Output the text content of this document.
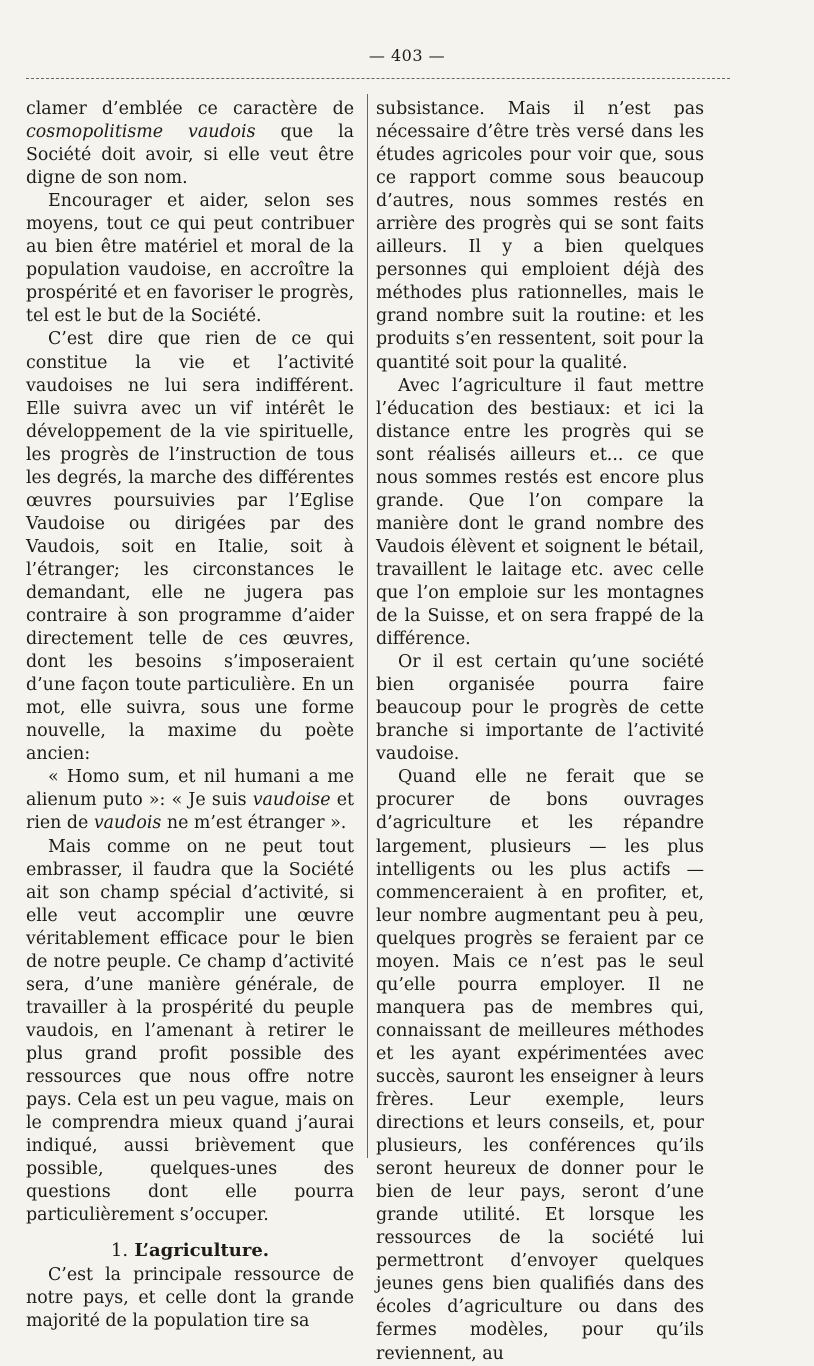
— 403 —

clamer d’emblée ce caractère de cosmopolitisme vaudois que la Société doit avoir, si elle veut être digne de son nom.

Encourager et aider, selon ses moyens, tout ce qui peut contribuer au bien être matériel et moral de la population vaudoise, en accroître la prospérité et en favoriser le progrès, tel est le but de la Société.

C’est dire que rien de ce qui constitue la vie et l’activité vaudoises ne lui sera indifférent. Elle suivra avec un vif intérêt le développement de la vie spirituelle, les progrès de l’instruction de tous les degrés, la marche des différentes œuvres poursuivies par l’Eglise Vaudoise ou dirigées par des Vaudois, soit en Italie, soit à l’étranger; les circonstances le demandant, elle ne jugera pas contraire à son programme d’aider directement telle de ces œuvres, dont les besoins s’imposeraient d’une façon toute particulière. En un mot, elle suivra, sous une forme nouvelle, la maxime du poète ancien:

« Homo sum, et nil humani a me alienum puto »: « Je suis vaudoise et rien de vaudois ne m’est étranger ».

Mais comme on ne peut tout embrasser, il faudra que la Société ait son champ spécial d’activité, si elle veut accomplir une œuvre véritablement efficace pour le bien de notre peuple. Ce champ d’activité sera, d’une manière générale, de travailler à la prospérité du peuple vaudois, en l’amenant à retirer le plus grand profit possible des ressources que nous offre notre pays. Cela est un peu vague, mais on le comprendra mieux quand j’aurai indiqué, aussi brièvement que possible, quelques-unes des questions dont elle pourra particulièrement s’occuper.

1. L’agriculture.

C’est la principale ressource de notre pays, et celle dont la grande majorité de la population tire sa

subsistance. Mais il n’est pas nécessaire d’être très versé dans les études agricoles pour voir que, sous ce rapport comme sous beaucoup d’autres, nous sommes restés en arrière des progrès qui se sont faits ailleurs. Il y a bien quelques personnes qui emploient déjà des méthodes plus rationnelles, mais le grand nombre suit la routine: et les produits s’en ressentent, soit pour la quantité soit pour la qualité.

Avec l’agriculture il faut mettre l’éducation des bestiaux: et ici la distance entre les progrès qui se sont réalisés ailleurs et... ce que nous sommes restés est encore plus grande. Que l’on compare la manière dont le grand nombre des Vaudois élèvent et soignent le bétail, travaillent le laitage etc. avec celle que l’on emploie sur les montagnes de la Suisse, et on sera frappé de la différence.

Or il est certain qu’une société bien organisée pourra faire beaucoup pour le progrès de cette branche si importante de l’activité vaudoise.

Quand elle ne ferait que se procurer de bons ouvrages d’agriculture et les répandre largement, plusieurs — les plus intelligents ou les plus actifs — commenceraient à en profiter, et, leur nombre augmentant peu à peu, quelques progrès se feraient par ce moyen. Mais ce n’est pas le seul qu’elle pourra employer. Il ne manquera pas de membres qui, connaissant de meilleures méthodes et les ayant expérimentées avec succès, sauront les enseigner à leurs frères. Leur exemple, leurs directions et leurs conseils, et, pour plusieurs, les conférences qu’ils seront heureux de donner pour le bien de leur pays, seront d’une grande utilité. Et lorsque les ressources de la société lui permettront d’envoyer quelques jeunes gens bien qualifiés dans des écoles d’agriculture ou dans des fermes modèles, pour qu’ils reviennent, au
